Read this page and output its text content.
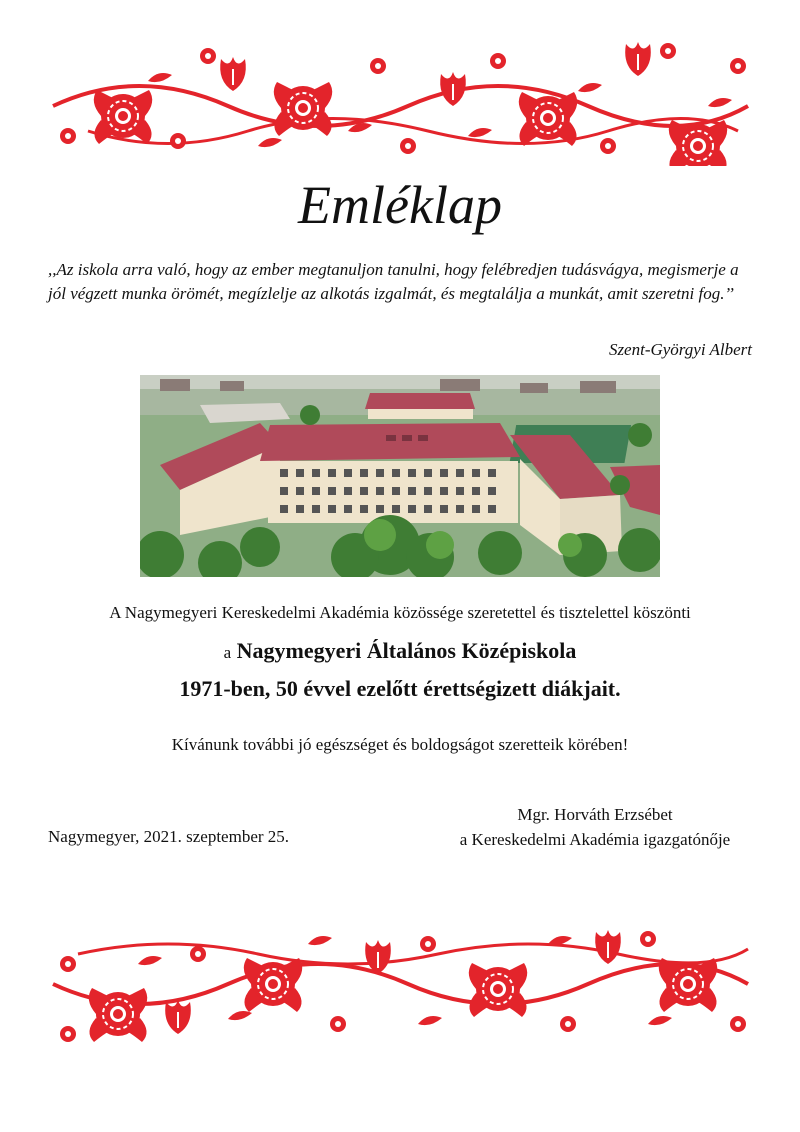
Emléklap
,,Az iskola arra való, hogy az ember megtanuljon tanulni, hogy felébredjen tudásvágya, megismerje a jól végzett munka örömét, megízlelje az alkotás izgalmát, és megtalálja a munkát, amit szeretni fog.’’
Szent-Györgyi Albert
A Nagymegyeri Kereskedelmi Akadémia közössége szeretettel és tisztelettel köszönti
a Nagymegyeri Általános Középiskola
1971-ben, 50 évvel ezelőtt érettségizett diákjait.
Kívánunk további jó egészséget és boldogságot szeretteik körében!
Mgr. Horváth Erzsébet
a Kereskedelmi Akadémia igazgatónője
Nagymegyer, 2021. szeptember 25.
